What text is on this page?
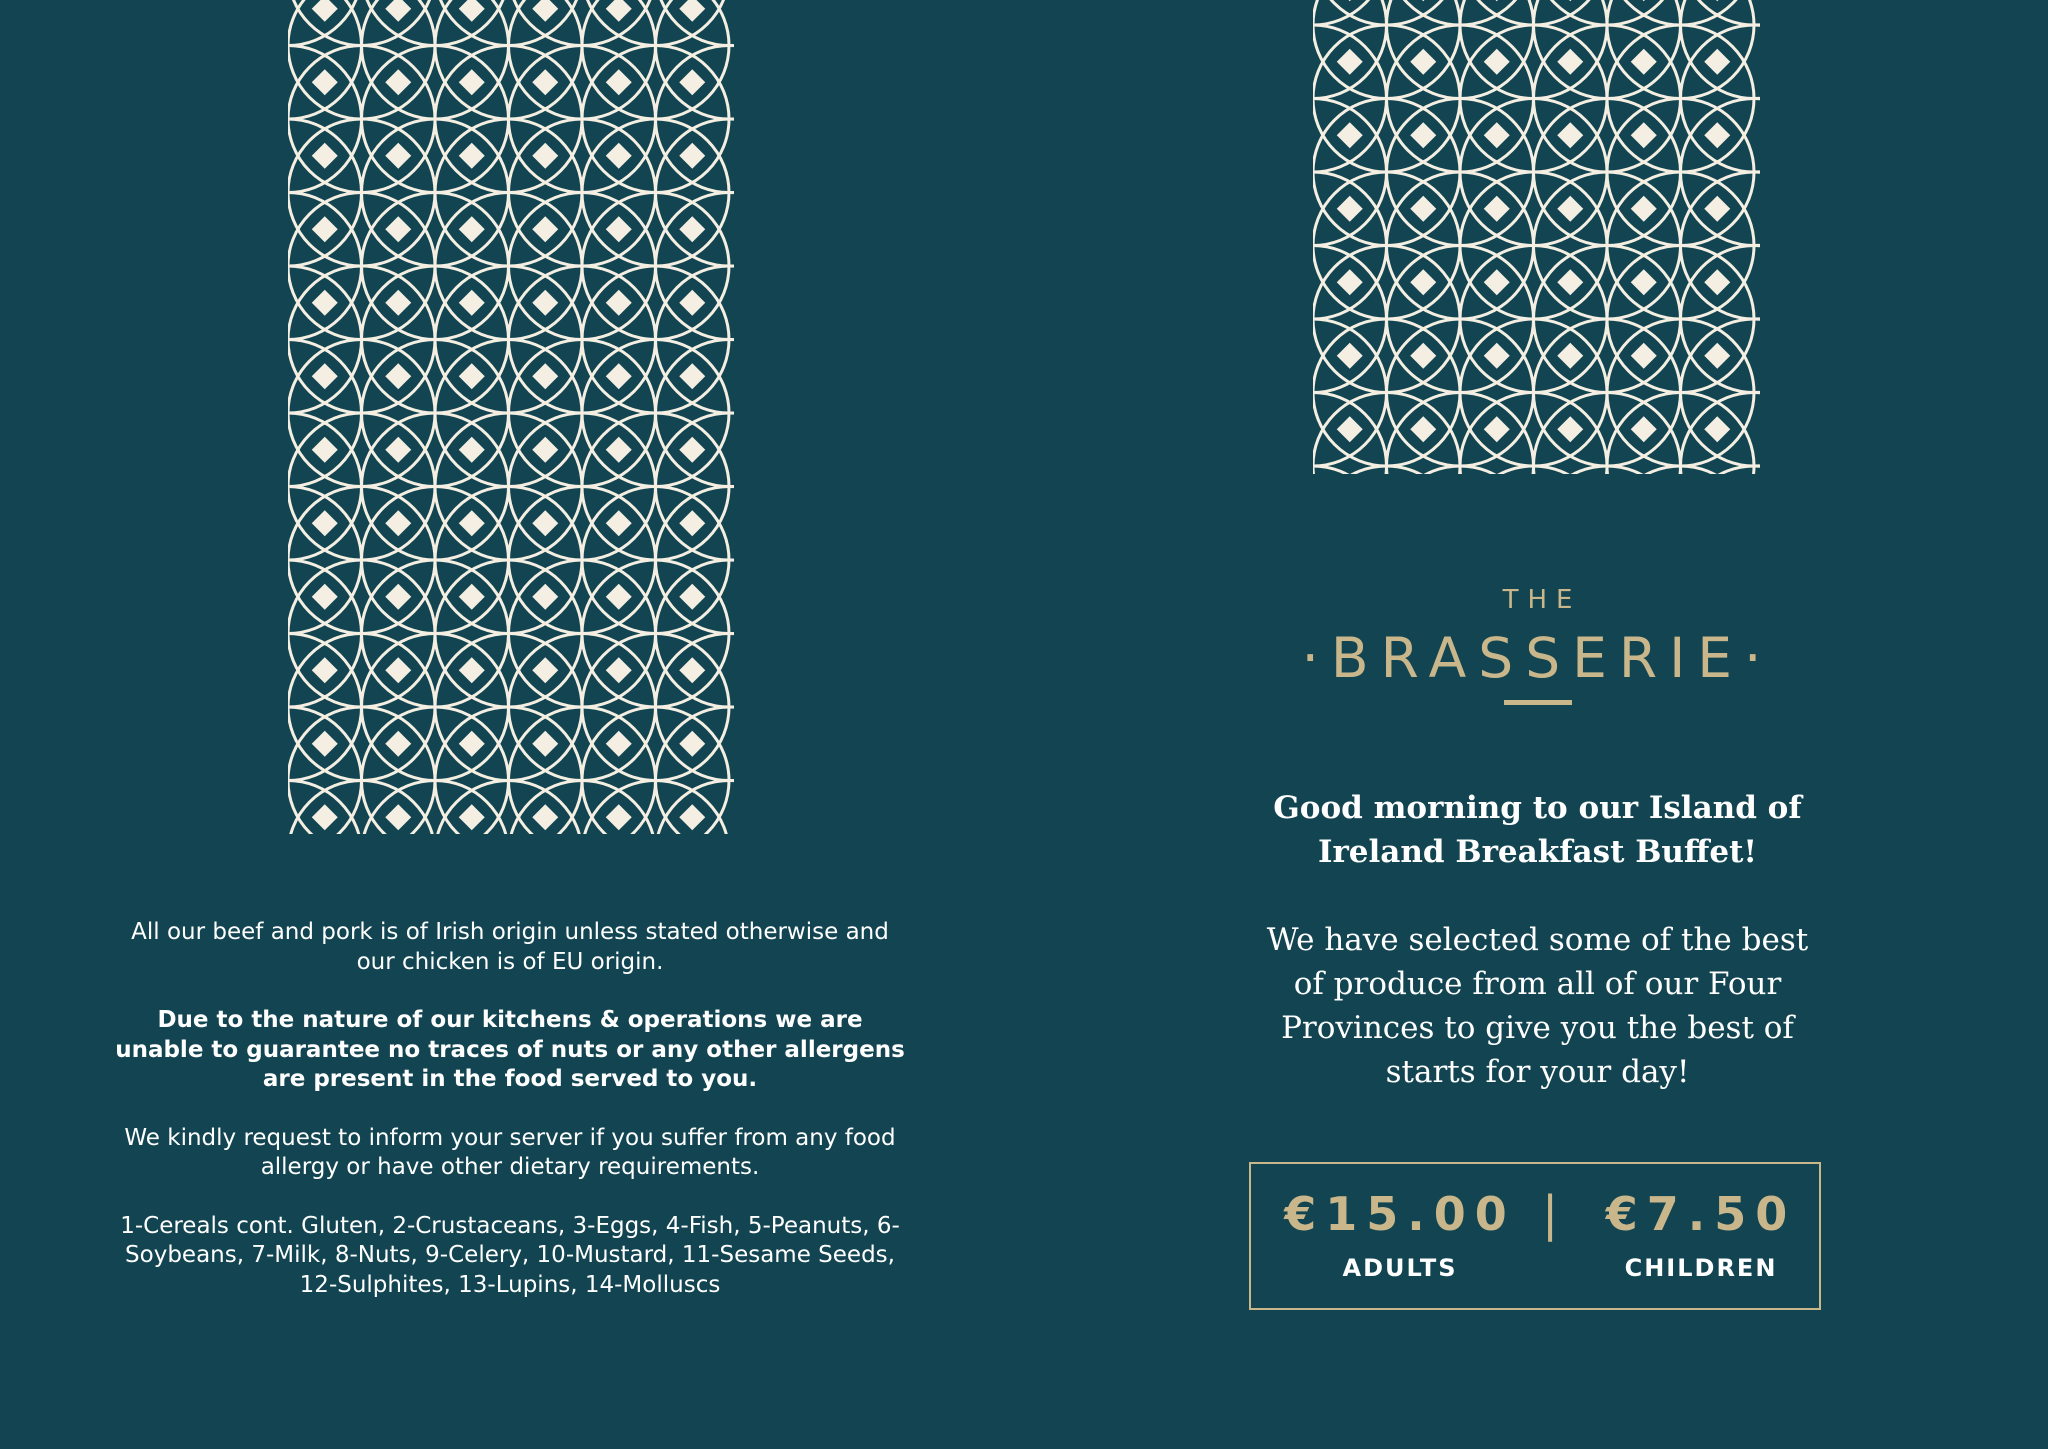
All our beef and pork is of Irish origin unless stated otherwise and our chicken is of EU origin.

Due to the nature of our kitchens & operations we are unable to guarantee no traces of nuts or any other allergens are present in the food served to you.

We kindly request to inform your server if you suffer from any food allergy or have other dietary requirements.

1-Cereals cont. Gluten, 2-Crustaceans, 3-Eggs, 4-Fish, 5-Peanuts, 6-Soybeans, 7-Milk, 8-Nuts, 9-Celery, 10-Mustard, 11-Sesame Seeds, 12-Sulphites, 13-Lupins, 14-Molluscs

THE
·BRASSERIE·
Good morning to our Island of Ireland Breakfast Buffet!
We have selected some of the best of produce from all of our Four Provinces to give you the best of starts for your day!
€15.00
ADULTS
|	€7.50
CHILDREN
